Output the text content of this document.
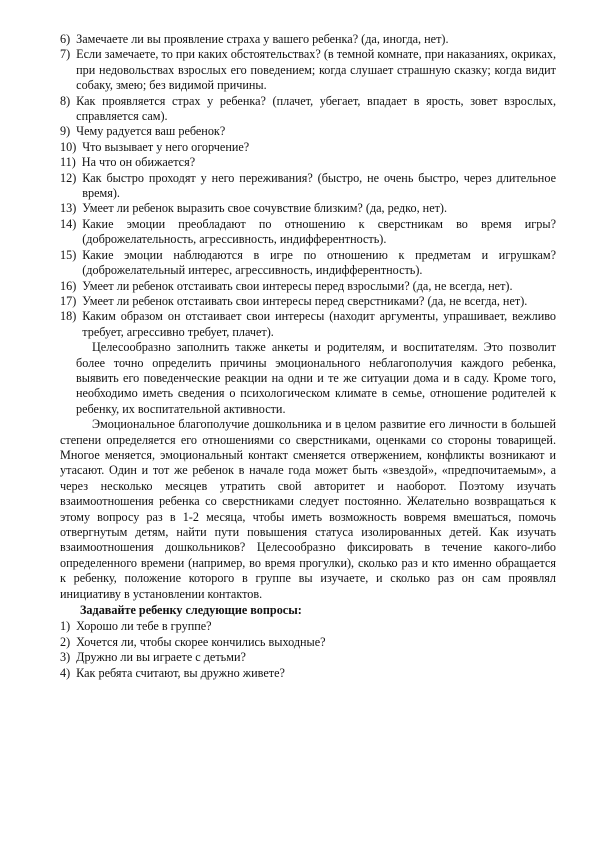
6) Замечаете ли вы проявление страха у вашего ребенка? (да, иногда, нет).
7) Если замечаете, то при каких обстоятельствах? (в темной комнате, при наказаниях, окриках, при недовольствах взрослых его поведением; когда слушает страшную сказку; когда видит собаку, змею; без видимой причины.
8) Как проявляется страх у ребенка? (плачет, убегает, впадает в ярость, зовет взрослых, справляется сам).
9) Чему радуется ваш ребенок?
10) Что вызывает у него огорчение?
11) На что он обижается?
12) Как быстро проходят у него переживания? (быстро, не очень быстро, через длительное время).
13) Умеет ли ребенок выразить свое сочувствие близким? (да, редко, нет).
14) Какие эмоции преобладают по отношению к сверстникам во время игры? (доброжелательность, агрессивность, индифферентность).
15) Какие эмоции наблюдаются в игре по отношению к предметам и игрушкам? (доброжелательный интерес, агрессивность, индифферентность).
16) Умеет ли ребенок отстаивать свои интересы перед взрослыми? (да, не всегда, нет).
17) Умеет ли ребенок отстаивать свои интересы перед сверстниками? (да, не всегда, нет).
18) Каким образом он отстаивает свои интересы (находит аргументы, упрашивает, вежливо требует, агрессивно требует, плачет).

Целесообразно заполнить также анкеты и родителям, и воспитателям. Это позволит более точно определить причины эмоционального неблагополучия каждого ребенка, выявить его поведенческие реакции на одни и те же ситуации дома и в саду. Кроме того, необходимо иметь сведения о психологическом климате в семье, отношение родителей к ребенку, их воспитательной активности.

Эмоциональное благополучие дошкольника и в целом развитие его личности в большей степени определяется его отношениями со сверстниками, оценками со стороны товарищей. Многое меняется, эмоциональный контакт сменяется отвержением, конфликты возникают и утасают. Один и тот же ребенок в начале года может быть «звездой», «предпочитаемым», а через несколько месяцев утратить свой авторитет и наоборот. Поэтому изучать взаимоотношения ребенка со сверстниками следует постоянно. Желательно возвращаться к этому вопросу раз в 1-2 месяца, чтобы иметь возможность вовремя вмешаться, помочь отвергнутым детям, найти пути повышения статуса изолированных детей. Как изучать взаимоотношения дошкольников? Целесообразно фиксировать в течение какого-либо определенного времени (например, во время прогулки), сколько раз и кто именно обращается к ребенку, положение которого в группе вы изучаете, и сколько раз он сам проявлял инициативу в установлении контактов.

Задавайте ребенку следующие вопросы:
1) Хорошо ли тебе в группе?
2) Хочется ли, чтобы скорее кончились выходные?
3) Дружно ли вы играете с детьми?
4) Как ребята считают, вы дружно живете?
